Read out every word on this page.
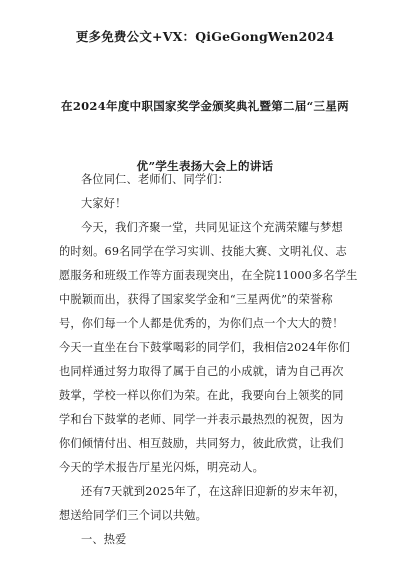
更多免费公文+VX：QiGeGongWen2024
在2024年度中职国家奖学金颁奖典礼暨第二届“三星两
优”学生表扬大会上的讲话

各位同仁、老师们、同学们：

大家好！

今天，我们齐聚一堂，共同见证这个充满荣耀与梦想
的时刻。69名同学在学习实训、技能大赛、文明礼仪、志
愿服务和班级工作等方面表现突出，在全院11000多名学生
中脱颖而出，获得了国家奖学金和“三星两优”的荣誉称
号，你们每一个人都是优秀的，为你们点一个大大的赞！
今天一直坐在台下鼓掌喝彩的同学们，我相信2024年你们
也同样通过努力取得了属于自己的小成就，请为自己再次
鼓掌，学校一样以你们为荣。在此，我要向台上领奖的同
学和台下鼓掌的老师、同学一并表示最热烈的祝贺，因为
你们倾情付出、相互鼓励，共同努力，彼此欣赏，让我们
今天的学术报告厅星光闪烁，明亮动人。

还有7天就到2025年了，在这辞旧迎新的岁末年初，
想送给同学们三个词以共勉。

一、热爱
